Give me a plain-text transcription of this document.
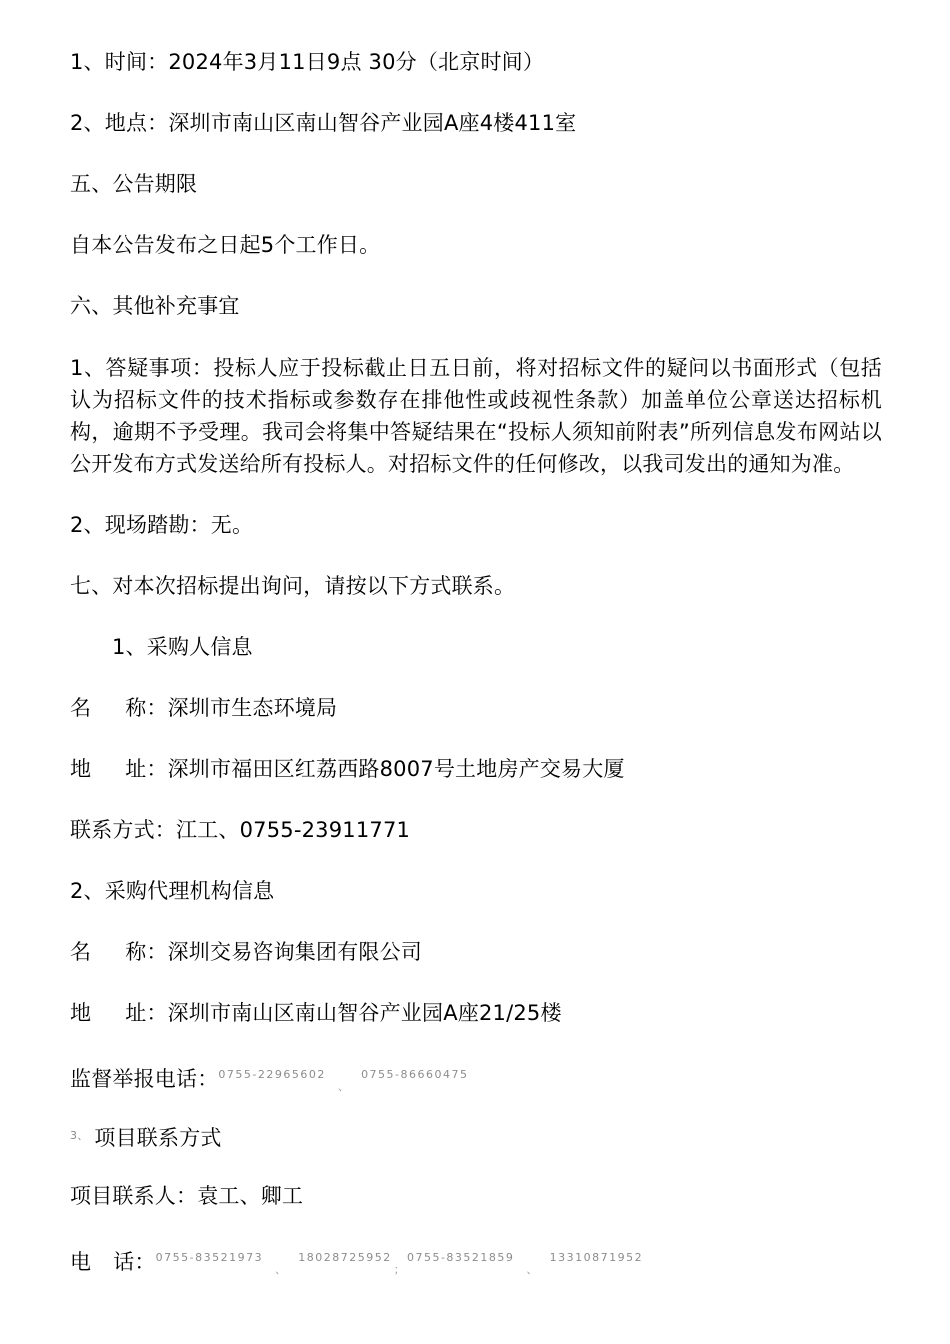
1、时间：2024年3月11日9点 30分（北京时间）
2、地点：深圳市南山区南山智谷产业园A座4楼411室
五、公告期限
自本公告发布之日起5个工作日。
六、其他补充事宜
1、答疑事项：投标人应于投标截止日五日前，将对招标文件的疑问以书面形式（包括认为招标文件的技术指标或参数存在排他性或歧视性条款）加盖单位公章送达招标机构，逾期不予受理。我司会将集中答疑结果在“投标人须知前附表”所列信息发布网站以公开发布方式发送给所有投标人。对招标文件的任何修改，以我司发出的通知为准。
2、现场踏勘：无。
七、对本次招标提出询问，请按以下方式联系。
1、采购人信息
名 称：深圳市生态环境局
地 址：深圳市福田区红荔西路8007号土地房产交易大厦
联系方式：江工、0755-23911771
2、采购代理机构信息
名 称：深圳交易咨询集团有限公司
地 址：深圳市南山区南山智谷产业园A座21/25楼
监督举报电话：$^{0755-22965602}$、$^{0755-86660475}$
$^{3、}$ 项目联系方式
项目联系人：袁工、卿工
电 话：$^{0755-83521973}$、$^{18028725952}$；$^{0755-83521859}$、$^{13310871952}$
